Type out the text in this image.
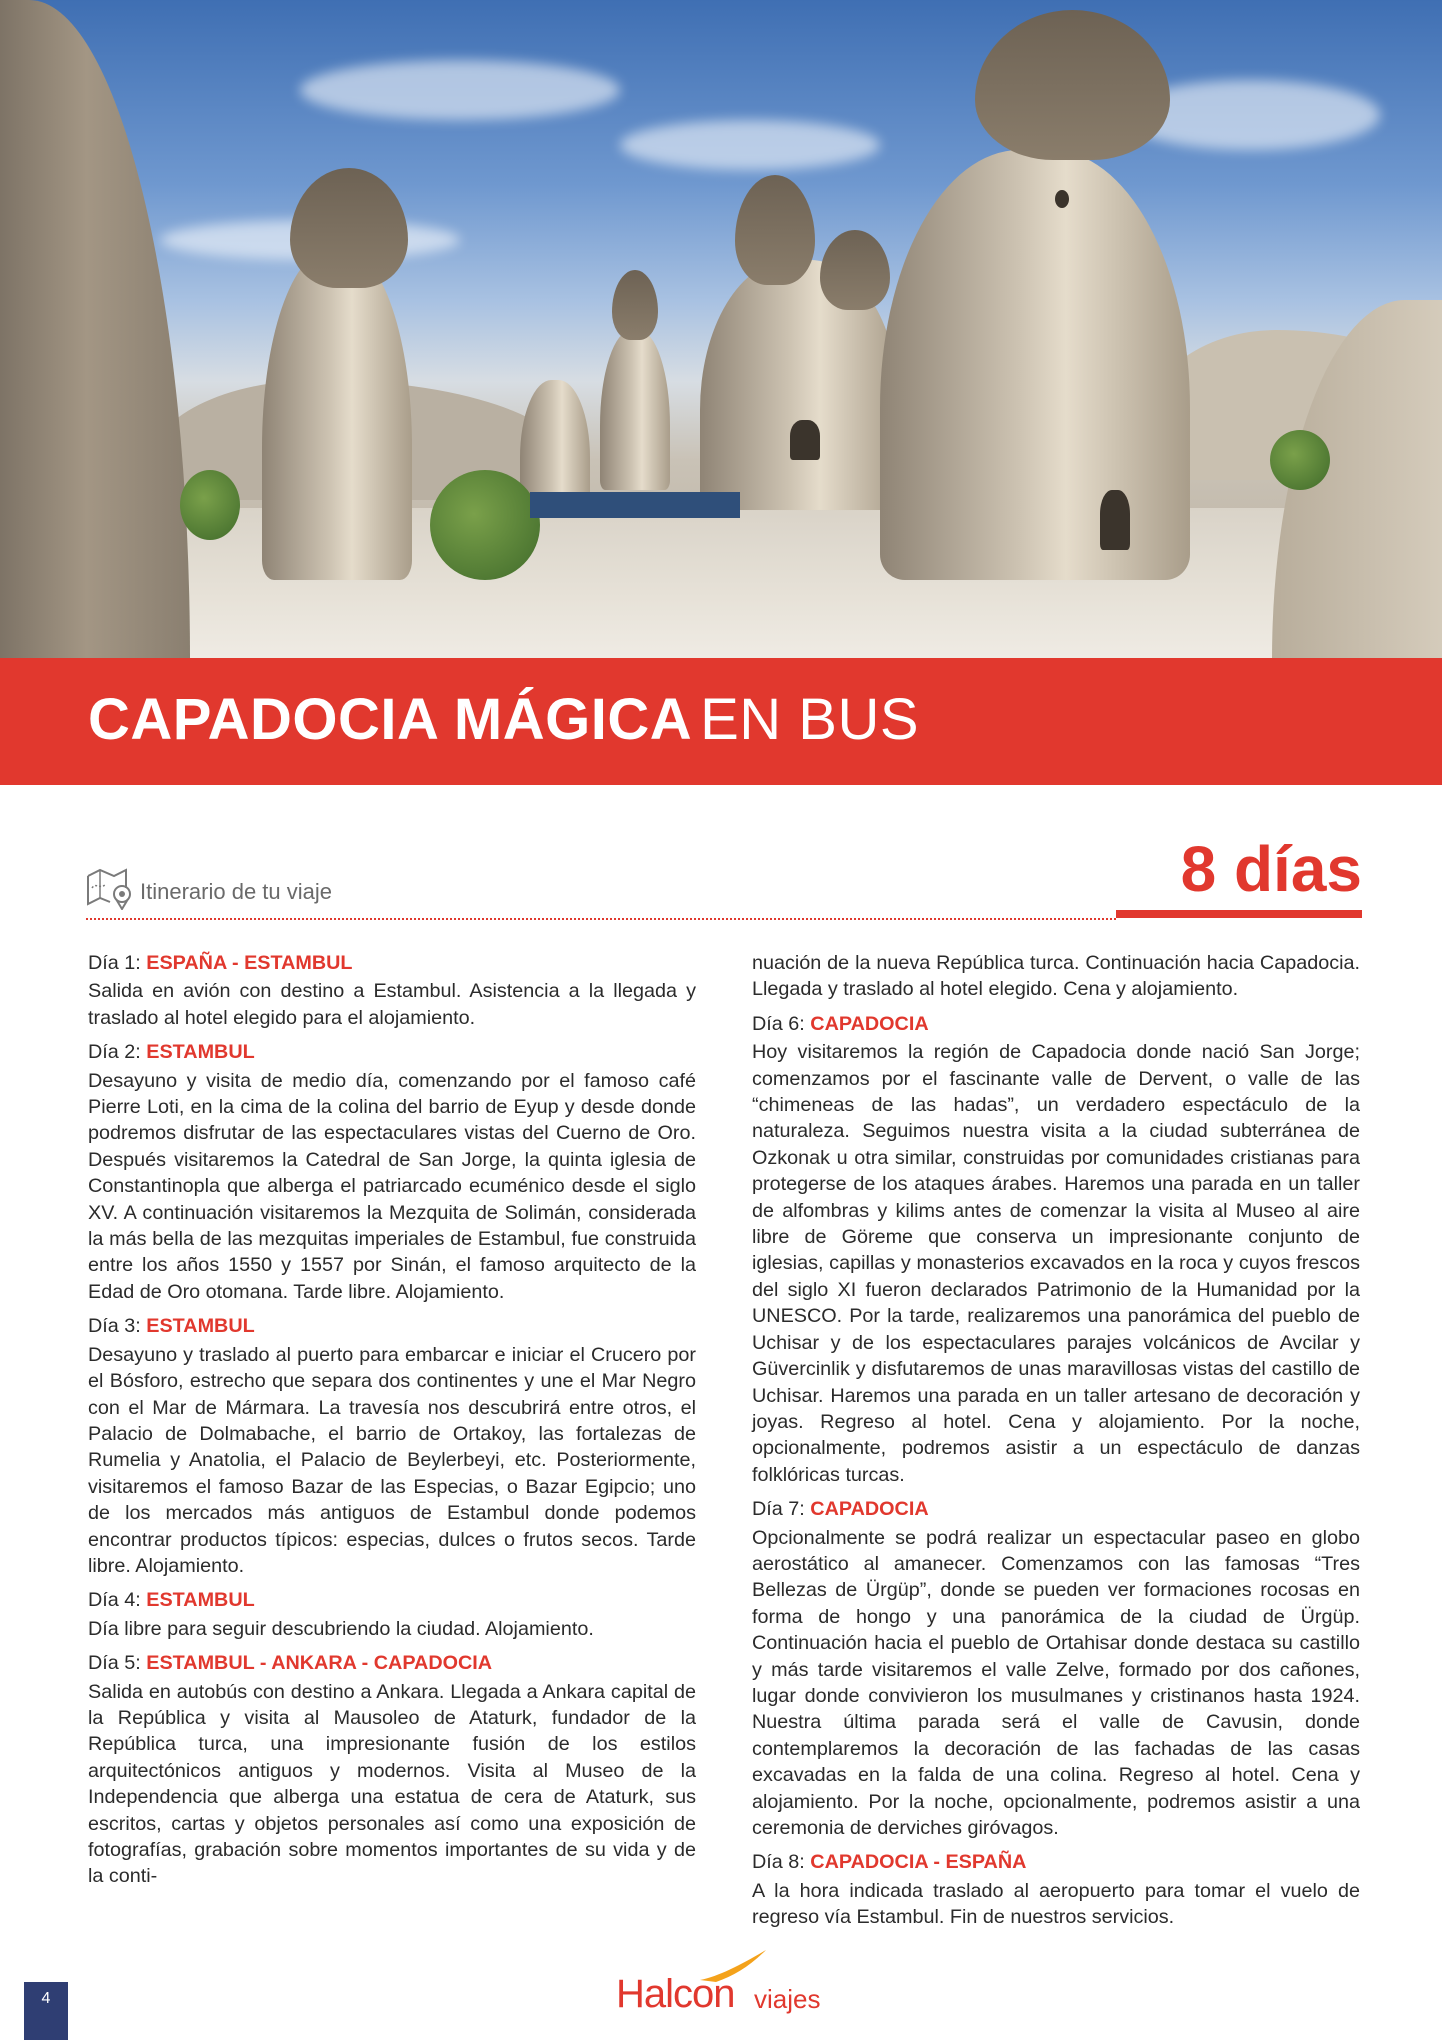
CAPADOCIA MÁGICA EN BUS
Itinerario de tu viaje	8 días
Día 1: ESPAÑA - ESTAMBUL

Salida en avión con destino a Estambul. Asistencia a la llegada y traslado al hotel elegido para el alojamiento.

Día 2: ESTAMBUL

Desayuno y visita de medio día, comenzando por el famoso café Pierre Loti, en la cima de la colina del barrio de Eyup y desde donde podremos disfrutar de las espectaculares vistas del Cuerno de Oro. Después visitaremos la Catedral de San Jorge, la quinta iglesia de Constantinopla que alberga el patriarcado ecuménico desde el siglo XV. A continuación visitaremos la Mezquita de Solimán, considerada la más bella de las mezquitas imperiales de Estambul, fue construida entre los años 1550 y 1557 por Sinán, el famoso arquitecto de la Edad de Oro otomana. Tarde libre. Alojamiento.

Día 3: ESTAMBUL

Desayuno y traslado al puerto para embarcar e iniciar el Crucero por el Bósforo, estrecho que separa dos continentes y une el Mar Negro con el Mar de Mármara. La travesía nos descubrirá entre otros, el Palacio de Dolmabache, el barrio de Ortakoy, las fortalezas de Rumelia y Anatolia, el Palacio de Beylerbeyi, etc. Posteriormente, visitaremos el famoso Bazar de las Especias, o Bazar Egipcio; uno de los mercados más antiguos de Estambul donde podemos encontrar productos típicos: especias, dulces o frutos secos. Tarde libre. Alojamiento.

Día 4: ESTAMBUL

Día libre para seguir descubriendo la ciudad. Alojamiento.

Día 5: ESTAMBUL - ANKARA - CAPADOCIA

Salida en autobús con destino a Ankara. Llegada a Ankara capital de la República y visita al Mausoleo de Ataturk, fundador de la República turca, una impresionante fusión de los estilos arquitectónicos antiguos y modernos. Visita al Museo de la Independencia que alberga una estatua de cera de Ataturk, sus escritos, cartas y objetos personales así como una exposición de fotografías, grabación sobre momentos importantes de su vida y de la conti-

nuación de la nueva República turca. Continuación hacia Capadocia. Llegada y traslado al hotel elegido. Cena y alojamiento.

Día 6: CAPADOCIA

Hoy visitaremos la región de Capadocia donde nació San Jorge; comenzamos por el fascinante valle de Dervent, o valle de las “chimeneas de las hadas”, un verdadero espectáculo de la naturaleza. Seguimos nuestra visita a la ciudad subterránea de Ozkonak u otra similar, construidas por comunidades cristianas para protegerse de los ataques árabes. Haremos una parada en un taller de alfombras y kilims antes de comenzar la visita al Museo al aire libre de Göreme que conserva un impresionante conjunto de iglesias, capillas y monasterios excavados en la roca y cuyos frescos del siglo XI fueron declarados Patrimonio de la Humanidad por la UNESCO. Por la tarde, realizaremos una panorámica del pueblo de Uchisar y de los espectaculares parajes volcánicos de Avcilar y Güvercinlik y disfutaremos de unas maravillosas vistas del castillo de Uchisar. Haremos una parada en un taller artesano de decoración y joyas. Regreso al hotel. Cena y alojamiento. Por la noche, opcionalmente, podremos asistir a un espectáculo de danzas folklóricas turcas.

Día 7: CAPADOCIA

Opcionalmente se podrá realizar un espectacular paseo en globo aerostático al amanecer. Comenzamos con las famosas “Tres Bellezas de Ürgüp”, donde se pueden ver formaciones rocosas en forma de hongo y una panorámica de la ciudad de Ürgüp. Continuación hacia el pueblo de Ortahisar donde destaca su castillo y más tarde visitaremos el valle Zelve, formado por dos cañones, lugar donde convivieron los musulmanes y cristinanos hasta 1924. Nuestra última parada será el valle de Cavusin, donde contemplaremos la decoración de las fachadas de las casas excavadas en la falda de una colina. Regreso al hotel. Cena y alojamiento. Por la noche, opcionalmente, podremos asistir a una ceremonia de derviches giróvagos.

Día 8: CAPADOCIA - ESPAÑA

A la hora indicada traslado al aeropuerto para tomar el vuelo de regreso vía Estambul. Fin de nuestros servicios.

4	Halcon viajes
